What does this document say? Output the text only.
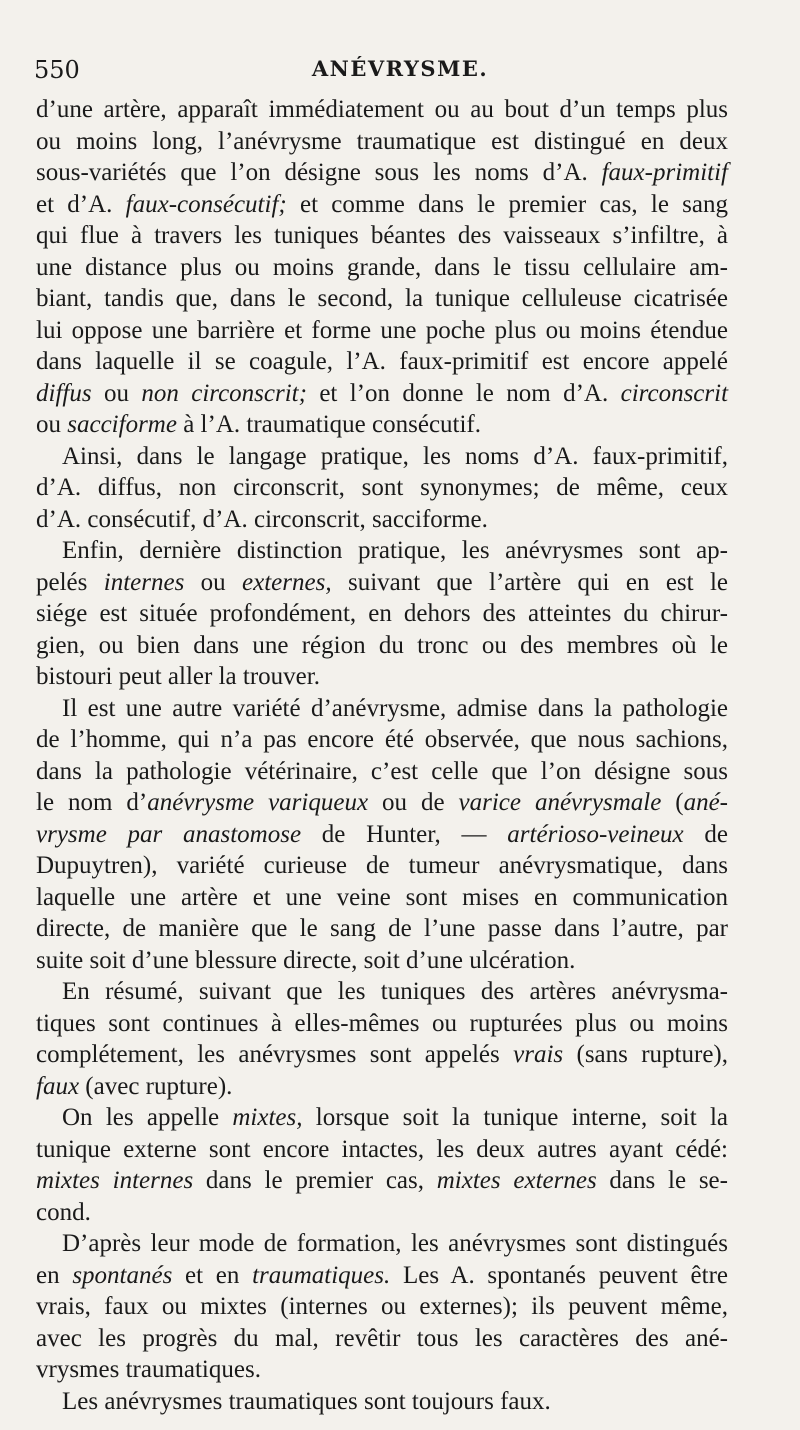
550	ANÉVRYSME.
d’une artère, apparaît immédiatement ou au bout d’un temps plus
ou moins long, l’anévrysme traumatique est distingué en deux
sous-variétés que l’on désigne sous les noms d’A. faux-primitif
et d’A. faux-consécutif; et comme dans le premier cas, le sang
qui flue à travers les tuniques béantes des vaisseaux s’infiltre, à
une distance plus ou moins grande, dans le tissu cellulaire am-
biant, tandis que, dans le second, la tunique celluleuse cicatrisée
lui oppose une barrière et forme une poche plus ou moins étendue
dans laquelle il se coagule, l’A. faux-primitif est encore appelé
diffus ou non circonscrit; et l’on donne le nom d’A. circonscrit
ou sacciforme à l’A. traumatique consécutif.
Ainsi, dans le langage pratique, les noms d’A. faux-primitif,
d’A. diffus, non circonscrit, sont synonymes; de même, ceux
d’A. consécutif, d’A. circonscrit, sacciforme.
Enfin, dernière distinction pratique, les anévrysmes sont ap-
pelés internes ou externes, suivant que l’artère qui en est le
siége est située profondément, en dehors des atteintes du chirur-
gien, ou bien dans une région du tronc ou des membres où le
bistouri peut aller la trouver.
Il est une autre variété d’anévrysme, admise dans la pathologie
de l’homme, qui n’a pas encore été observée, que nous sachions,
dans la pathologie vétérinaire, c’est celle que l’on désigne sous
le nom d’anévrysme variqueux ou de varice anévrysmale (ané-
vrysme par anastomose de Hunter, — artérioso-veineux de
Dupuytren), variété curieuse de tumeur anévrysmatique, dans
laquelle une artère et une veine sont mises en communication
directe, de manière que le sang de l’une passe dans l’autre, par
suite soit d’une blessure directe, soit d’une ulcération.
En résumé, suivant que les tuniques des artères anévrysma-
tiques sont continues à elles-mêmes ou rupturées plus ou moins
complétement, les anévrysmes sont appelés vrais (sans rupture),
faux (avec rupture).
On les appelle mixtes, lorsque soit la tunique interne, soit la
tunique externe sont encore intactes, les deux autres ayant cédé:
mixtes internes dans le premier cas, mixtes externes dans le se-
cond.
D’après leur mode de formation, les anévrysmes sont distingués
en spontanés et en traumatiques. Les A. spontanés peuvent être
vrais, faux ou mixtes (internes ou externes); ils peuvent même,
avec les progrès du mal, revêtir tous les caractères des ané-
vrysmes traumatiques.
Les anévrysmes traumatiques sont toujours faux.
